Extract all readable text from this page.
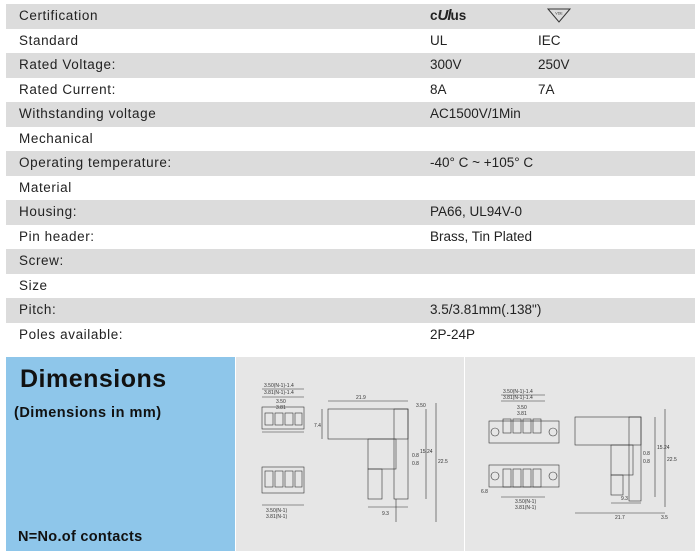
Certification	cUlus	VDE
Standard	UL	IEC
Rated Voltage:	300V	250V
Rated Current:	8A	7A
Withstanding voltage	AC1500V/1Min
Mechanical
Operating temperature:	-40° C ~ +105° C
Material
Housing:	PA66, UL94V-0
Pin header:	Brass, Tin Plated
Screw:
Size
Pitch:	3.5/3.81mm(.138")
Poles available:	2P-24P
Dimensions
(Dimensions in mm)
N=No.of contacts
3.50(N-1)-1.4
3.81(N-1)-1.4
3.50
3.81
3.50(N-1)
3.81(N-1)
21.9
3.50
7.4
0.8
0.8
15.24
22.5
9.3
3.50(N-1)-1.4
3.81(N-1)-1.4
3.50
3.81
3.50(N-1)
3.81(N-1)
6.8
0.8
0.8
15.24
22.5
9.3
21.7	3.5
